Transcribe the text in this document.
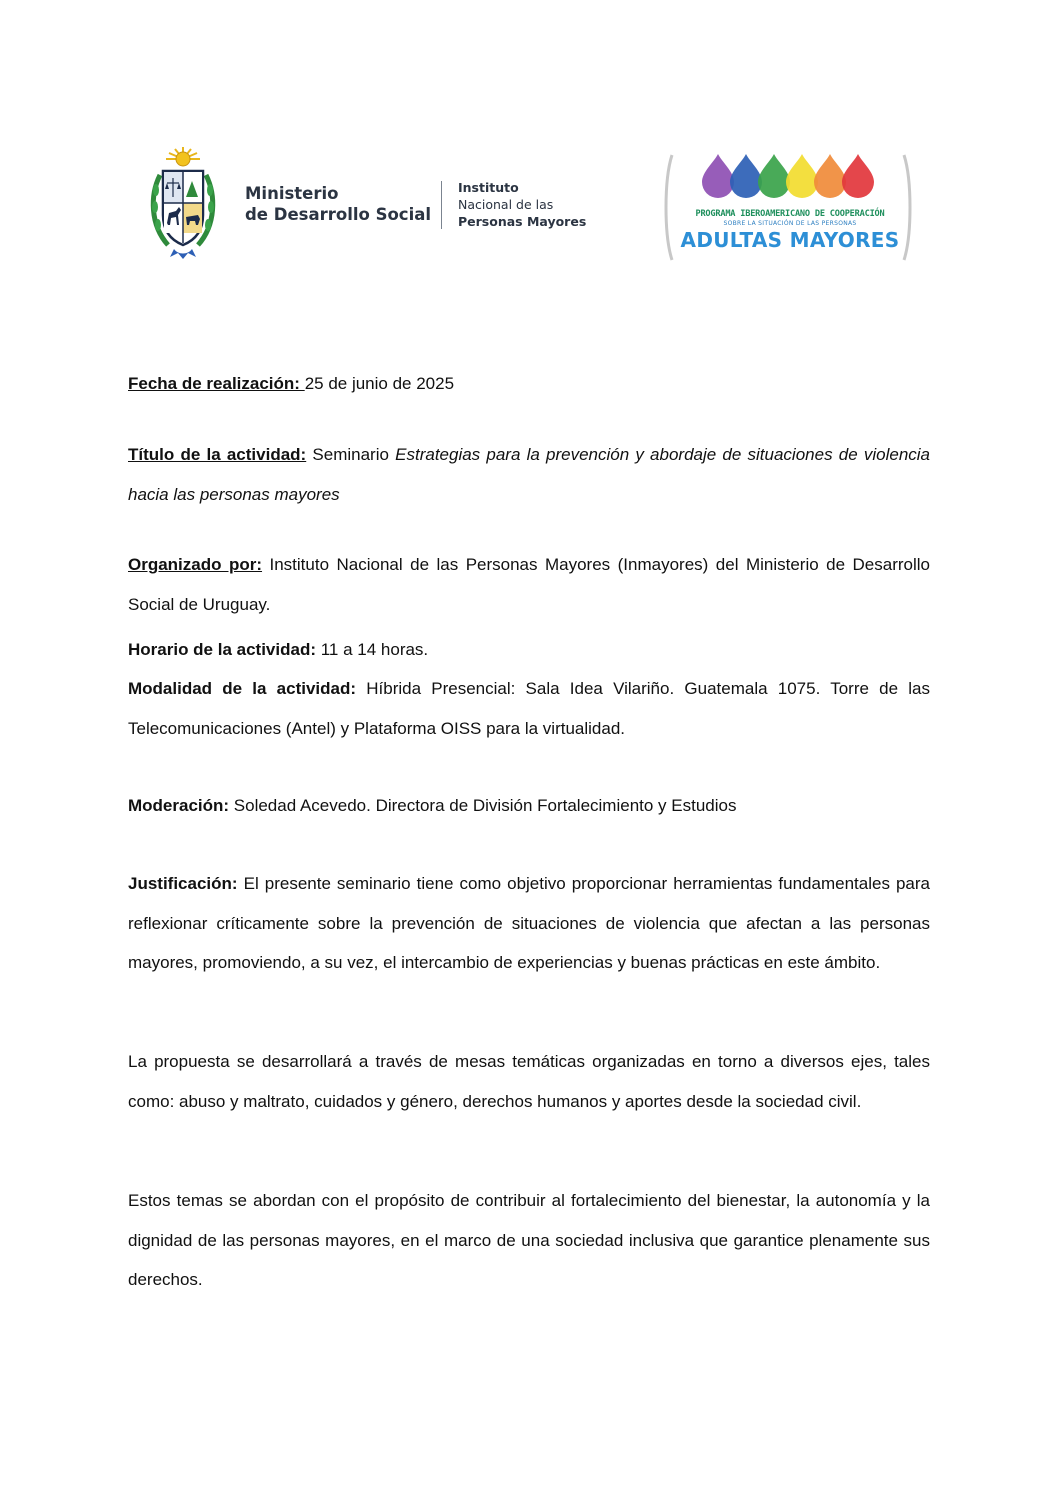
Ministerio
de Desarrollo Social
Instituto
Nacional de las
Personas Mayores	PROGRAMA IBEROAMERICANO DE COOPERACIÓN
SOBRE LA SITUACIÓN DE LAS PERSONAS
ADULTAS MAYORES
Fecha de realización: 25 de junio de 2025
Título de la actividad: Seminario Estrategias para la prevención y abordaje de situaciones de violencia hacia las personas mayores
Organizado por: Instituto Nacional de las Personas Mayores (Inmayores) del Ministerio de Desarrollo Social de Uruguay.
Horario de la actividad: 11 a 14 horas.
Modalidad de la actividad: Híbrida Presencial: Sala Idea Vilariño. Guatemala 1075. Torre de las Telecomunicaciones (Antel) y Plataforma OISS para la virtualidad.
Moderación: Soledad Acevedo. Directora de División Fortalecimiento y Estudios
Justificación: El presente seminario tiene como objetivo proporcionar herramientas fundamentales para reflexionar críticamente sobre la prevención de situaciones de violencia que afectan a las personas mayores, promoviendo, a su vez, el intercambio de experiencias y buenas prácticas en este ámbito.
La propuesta se desarrollará a través de mesas temáticas organizadas en torno a diversos ejes, tales como: abuso y maltrato, cuidados y género, derechos humanos y aportes desde la sociedad civil.
Estos temas se abordan con el propósito de contribuir al fortalecimiento del bienestar, la autonomía y la dignidad de las personas mayores, en el marco de una sociedad inclusiva que garantice plenamente sus derechos.
